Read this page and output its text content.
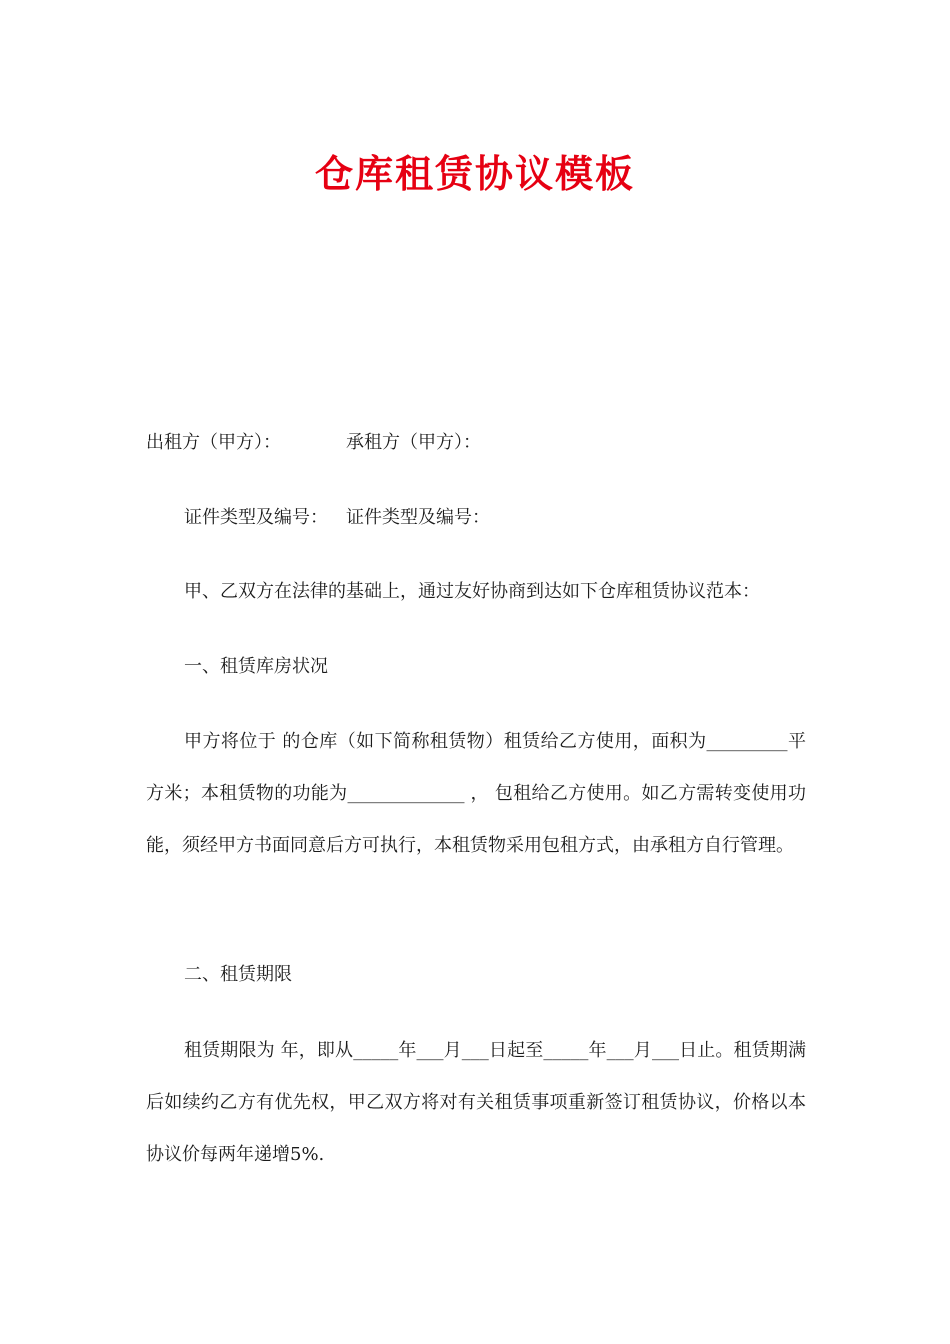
仓库租赁协议模板
出租方（甲方）：	承租方（甲方）：
证件类型及编号： 证件类型及编号：
甲、乙双方在法律的基础上，通过友好协商到达如下仓库租赁协议范本：
一、租赁库房状况
甲方将位于 的仓库（如下简称租赁物）租赁给乙方使用，面积为_________平方米；本租赁物的功能为_____________ ， 包租给乙方使用。如乙方需转变使用功能，须经甲方书面同意后方可执行，本租赁物采用包租方式，由承租方自行管理。
二、租赁期限
租赁期限为 年，即从_____年___月___日起至_____年___月___日止。租赁期满后如续约乙方有优先权，甲乙双方将对有关租赁事项重新签订租赁协议，价格以本协议价每两年递增5%.
